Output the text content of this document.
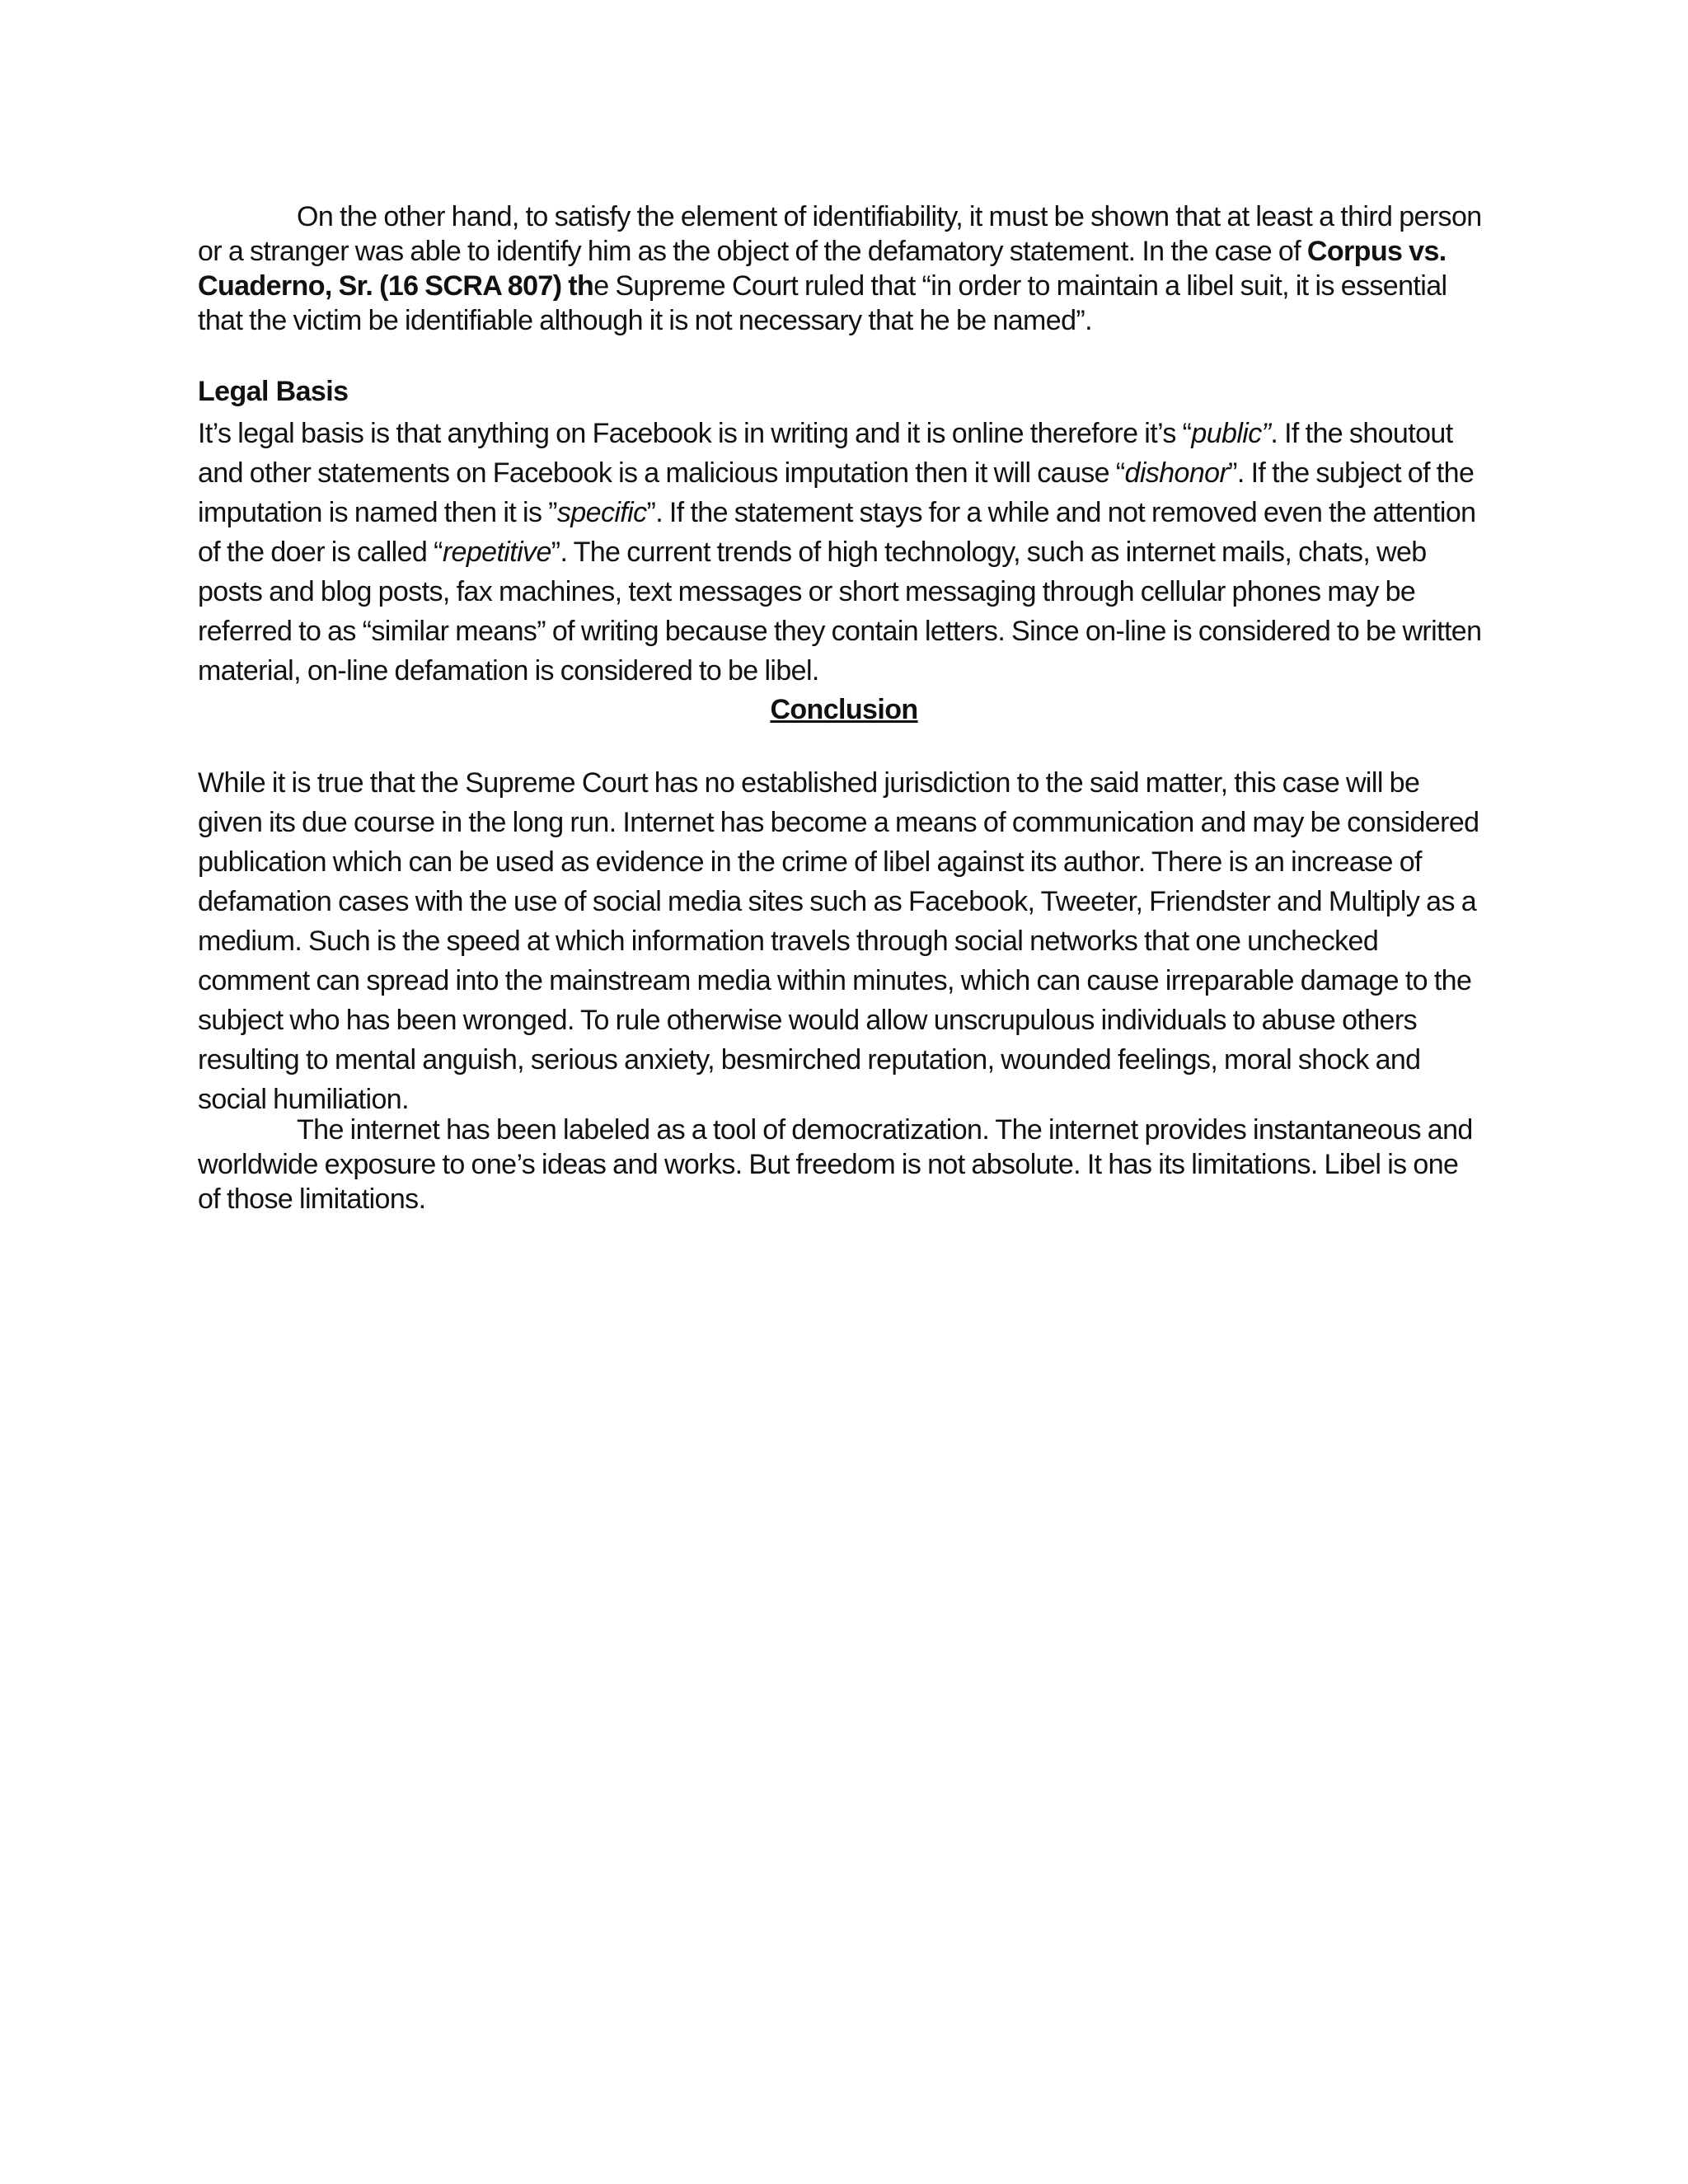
On the other hand, to satisfy the element of identifiability, it must be shown that at least a third person or a stranger was able to identify him as the object of the defamatory statement. In the case of Corpus vs. Cuaderno, Sr. (16 SCRA 807) the Supreme Court ruled that “in order to maintain a libel suit, it is essential that the victim be identifiable although it is not necessary that he be named”.

Legal Basis

It’s legal basis is that anything on Facebook is in writing and it is online therefore it’s “public”. If the shoutout and other statements on Facebook is a malicious imputation then it will cause “dishonor”. If the subject of the imputation is named then it is ”specific”. If the statement stays for a while and not removed even the attention of the doer is called “repetitive”. The current trends of high technology, such as internet mails, chats, web posts and blog posts, fax machines, text messages or short messaging through cellular phones may be referred to as “similar means” of writing because they contain letters. Since on-line is considered to be written material, on-line defamation is considered to be libel.

Conclusion

While it is true that the Supreme Court has no established jurisdiction to the said matter, this case will be given its due course in the long run. Internet has become a means of communication and may be considered publication which can be used as evidence in the crime of libel against its author. There is an increase of defamation cases with the use of social media sites such as Facebook, Tweeter, Friendster and Multiply as a medium. Such is the speed at which information travels through social networks that one unchecked comment can spread into the mainstream media within minutes, which can cause irreparable damage to the subject who has been wronged. To rule otherwise would allow unscrupulous individuals to abuse others resulting to mental anguish, serious anxiety, besmirched reputation, wounded feelings, moral shock and social humiliation.

The internet has been labeled as a tool of democratization. The internet provides instantaneous and worldwide exposure to one’s ideas and works. But freedom is not absolute. It has its limitations. Libel is one of those limitations.
